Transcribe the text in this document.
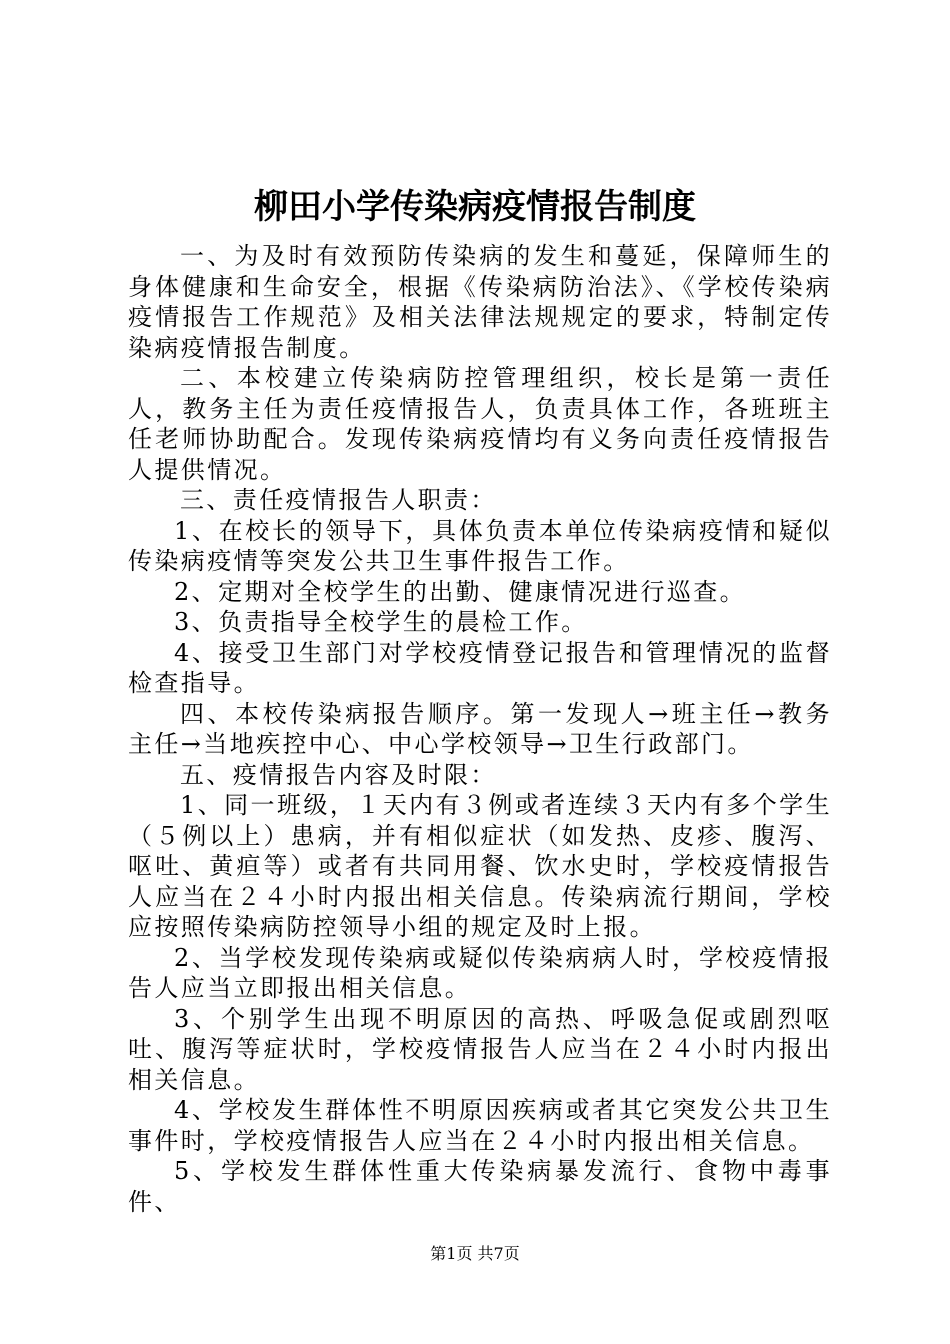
柳田小学传染病疫情报告制度

一、为及时有效预防传染病的发生和蔓延，保障师生的身体健康和生命安全，根据《传染病防治法》、《学校传染病疫情报告工作规范》及相关法律法规规定的要求，特制定传染病疫情报告制度。

二、本校建立传染病防控管理组织，校长是第一责任人，教务主任为责任疫情报告人，负责具体工作，各班班主任老师协助配合。发现传染病疫情均有义务向责任疫情报告人提供情况。

三、责任疫情报告人职责：

1、在校长的领导下，具体负责本单位传染病疫情和疑似传染病疫情等突发公共卫生事件报告工作。

2、定期对全校学生的出勤、健康情况进行巡查。

3、负责指导全校学生的晨检工作。

4、接受卫生部门对学校疫情登记报告和管理情况的监督检查指导。

四、本校传染病报告顺序。第一发现人→班主任→教务主任→当地疾控中心、中心学校领导→卫生行政部门。

五、疫情报告内容及时限：

1、同一班级，１天内有３例或者连续３天内有多个学生（５例以上）患病，并有相似症状（如发热、皮疹、腹泻、呕吐、黄疸等）或者有共同用餐、饮水史时，学校疫情报告人应当在２４小时内报出相关信息。传染病流行期间，学校应按照传染病防控领导小组的规定及时上报。

2、当学校发现传染病或疑似传染病病人时，学校疫情报告人应当立即报出相关信息。

3、个别学生出现不明原因的高热、呼吸急促或剧烈呕吐、腹泻等症状时，学校疫情报告人应当在２４小时内报出相关信息。

4、学校发生群体性不明原因疾病或者其它突发公共卫生事件时，学校疫情报告人应当在２４小时内报出相关信息。

5、学校发生群体性重大传染病暴发流行、食物中毒事件、

第1页 共7页
